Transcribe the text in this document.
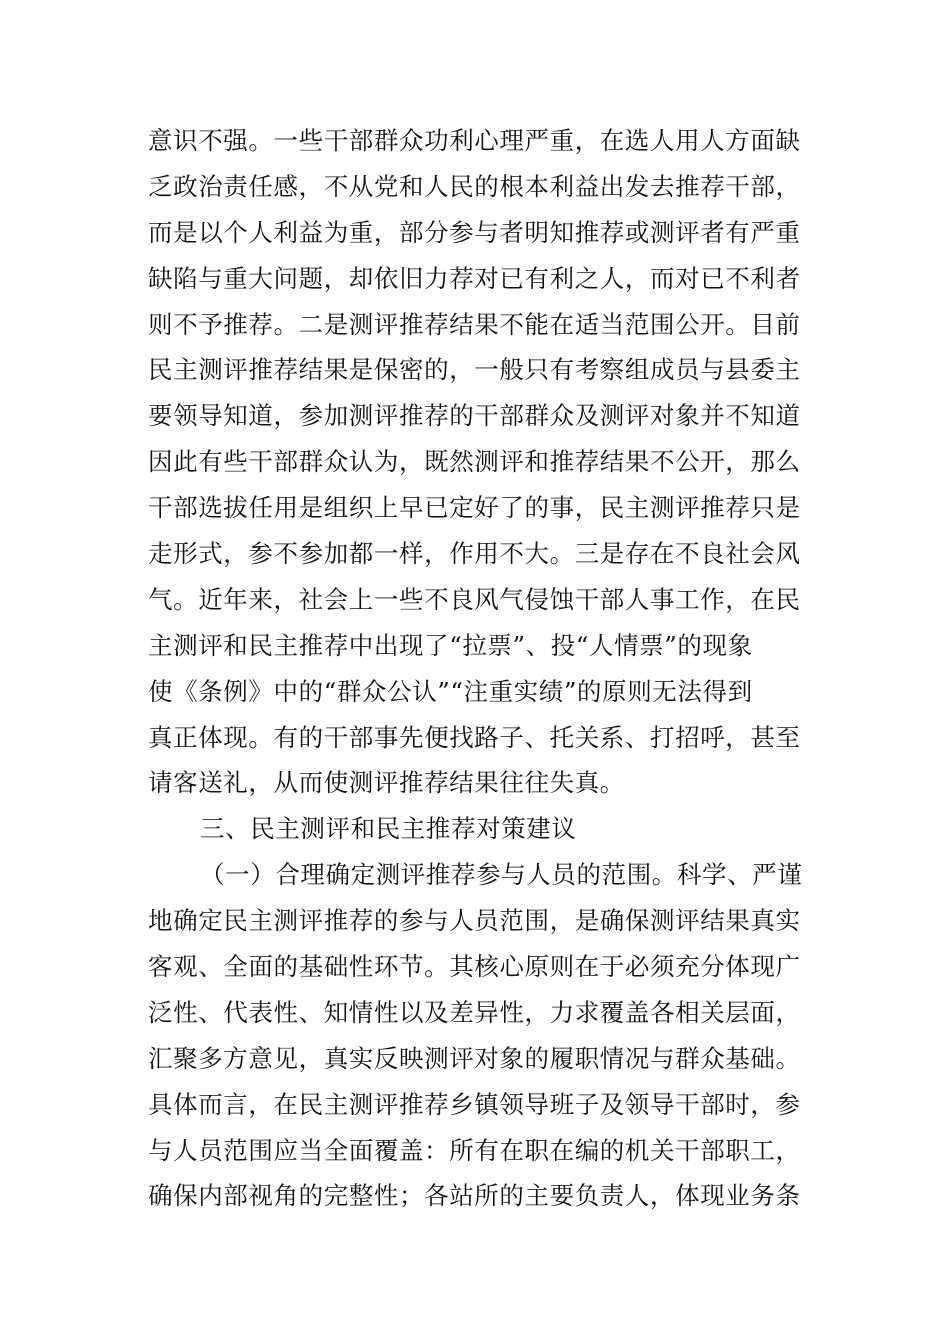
意识不强。一些干部群众功利心理严重，在选人用人方面缺
乏政治责任感，不从党和人民的根本利益出发去推荐干部，
而是以个人利益为重，部分参与者明知推荐或测评者有严重
缺陷与重大问题，却依旧力荐对已有利之人，而对已不利者
则不予推荐。二是测评推荐结果不能在适当范围公开。目前
民主测评推荐结果是保密的，一般只有考察组成员与县委主
要领导知道，参加测评推荐的干部群众及测评对象并不知道
因此有些干部群众认为，既然测评和推荐结果不公开，那么
干部选拔任用是组织上早已定好了的事，民主测评推荐只是
走形式，参不参加都一样，作用不大。三是存在不良社会风
气。近年来，社会上一些不良风气侵蚀干部人事工作，在民
主测评和民主推荐中出现了“拉票”、投“人情票”的现象
使《条例》中的“群众公认”“注重实绩”的原则无法得到
真正体现。有的干部事先便找路子、托关系、打招呼，甚至
请客送礼，从而使测评推荐结果往往失真。
三、民主测评和民主推荐对策建议
（一）合理确定测评推荐参与人员的范围。科学、严谨
地确定民主测评推荐的参与人员范围，是确保测评结果真实
客观、全面的基础性环节。其核心原则在于必须充分体现广
泛性、代表性、知情性以及差异性，力求覆盖各相关层面，
汇聚多方意见，真实反映测评对象的履职情况与群众基础。
具体而言，在民主测评推荐乡镇领导班子及领导干部时，参
与人员范围应当全面覆盖：所有在职在编的机关干部职工，
确保内部视角的完整性；各站所的主要负责人，体现业务条
